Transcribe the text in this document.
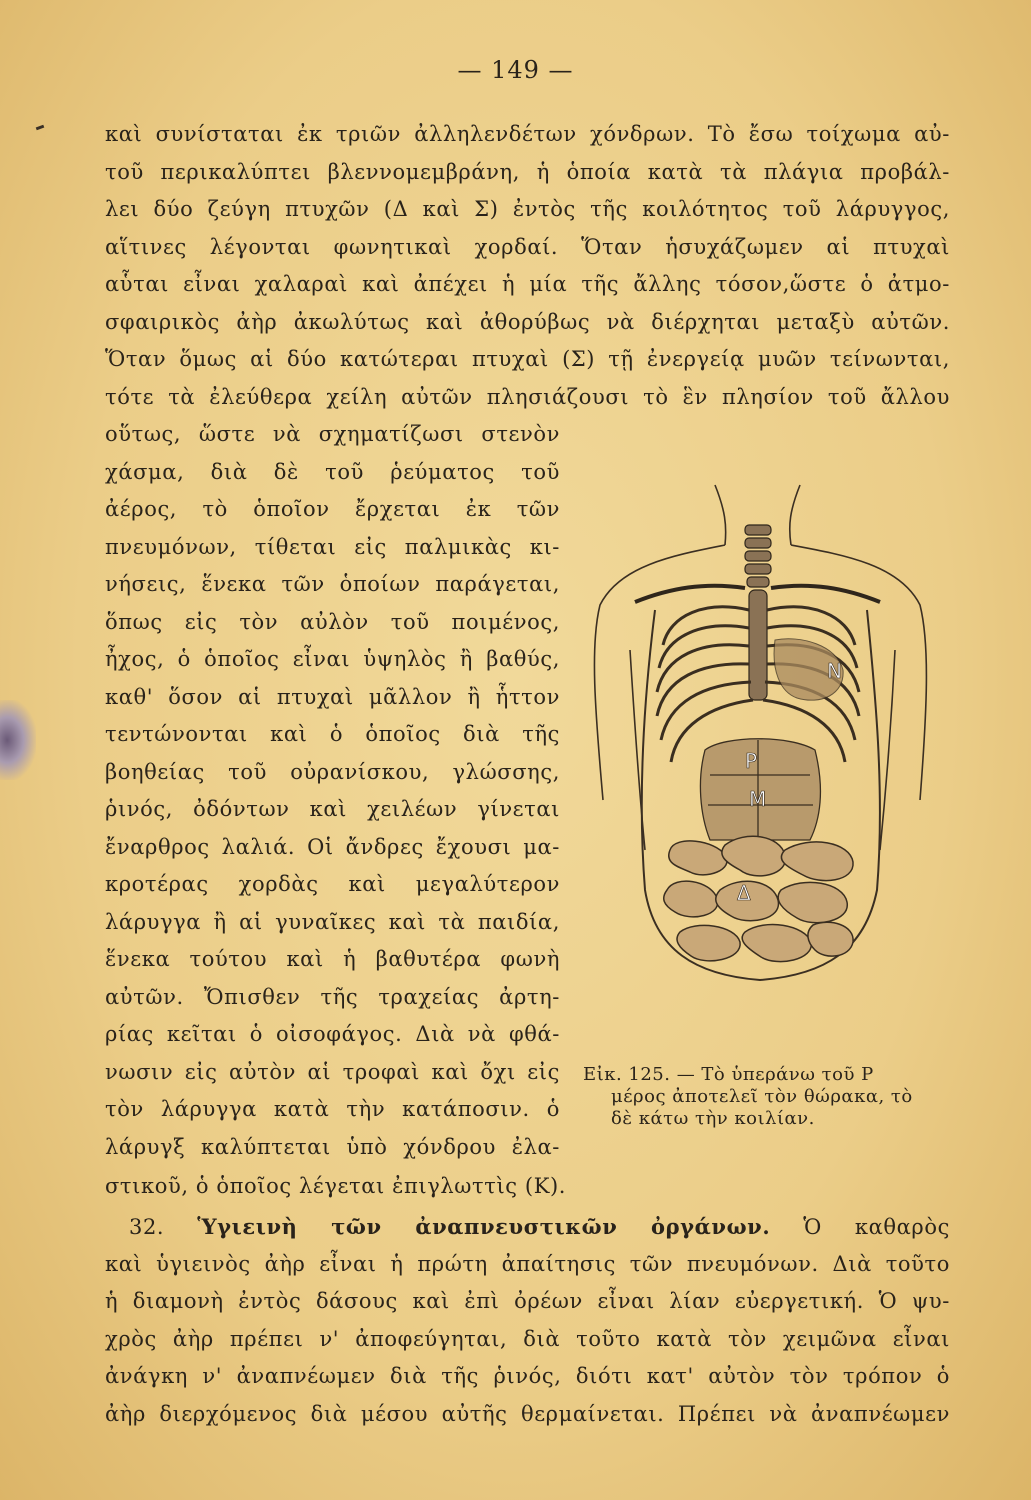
— 149 —
καὶ συνίσταται ἐκ τριῶν ἀλληλενδέτων χόνδρων. Τὸ ἔσω τοίχωμα αὐ-
τοῦ περικαλύπτει βλεννομεμβράνη, ἡ ὁποία κατὰ τὰ πλάγια προβάλ-
λει δύο ζεύγη πτυχῶν (Δ καὶ Σ) ἐντὸς τῆς κοιλότητος τοῦ λάρυγγος,
αἵτινες λέγονται φωνητικαὶ χορδαί. Ὅταν ἡσυχάζωμεν αἱ πτυχαὶ
αὗται εἶναι χαλαραὶ καὶ ἀπέχει ἡ μία τῆς ἄλλης τόσον,ὥστε ὁ ἀτμο-
σφαιρικὸς ἀὴρ ἀκωλύτως καὶ ἀθορύβως νὰ διέρχηται μεταξὺ αὐτῶν.
Ὅταν ὅμως αἱ δύο κατώτεραι πτυχαὶ (Σ) τῇ ἐνεργείᾳ μυῶν τείνωνται,
τότε τὰ ἐλεύθερα χείλη αὐτῶν πλησιάζουσι τὸ ἓν πλησίον τοῦ ἄλλου
οὕτως, ὥστε νὰ σχηματίζωσι στενὸν
χάσμα, διὰ δὲ τοῦ ῥεύματος τοῦ
ἀέρος, τὸ ὁποῖον ἔρχεται ἐκ τῶν
πνευμόνων, τίθεται εἰς παλμικὰς κι-
νήσεις, ἕνεκα τῶν ὁποίων παράγεται,
ὅπως εἰς τὸν αὐλὸν τοῦ ποιμένος,
ἦχος, ὁ ὁποῖος εἶναι ὑψηλὸς ἢ βαθύς,
καθ' ὅσον αἱ πτυχαὶ μᾶλλον ἢ ἧττον
τεντώνονται καὶ ὁ ὁποῖος διὰ τῆς
βοηθείας τοῦ οὐρανίσκου, γλώσσης,
ῥινός, ὀδόντων καὶ χειλέων γίνεται
ἔναρθρος λαλιά. Οἱ ἄνδρες ἔχουσι μα-
κροτέρας χορδὰς καὶ μεγαλύτερον
λάρυγγα ἢ αἱ γυναῖκες καὶ τὰ παιδία,
ἕνεκα τούτου καὶ ἡ βαθυτέρα φωνὴ
αὐτῶν. Ὄπισθεν τῆς τραχείας ἀρτη-
ρίας κεῖται ὁ οἰσοφάγος. Διὰ νὰ φθά-
νωσιν εἰς αὐτὸν αἱ τροφαὶ καὶ ὄχι εἰς
τὸν λάρυγγα κατὰ τὴν κατάποσιν. ὁ
λάρυγξ καλύπτεται ὑπὸ χόνδρου ἐλα-
στικοῦ, ὁ ὁποῖος λέγεται ἐπιγλωττὶς (Κ).
N
P
M
Δ
Εἰκ. 125. — Τὸ ὑπεράνω τοῦ P
μέρος ἀποτελεῖ τὸν θώρακα, τὸ
δὲ κάτω τὴν κοιλίαν.
32. Ὑγιεινὴ τῶν ἀναπνευστικῶν ὀργάνων. Ὁ καθαρὸς
καὶ ὑγιεινὸς ἀὴρ εἶναι ἡ πρώτη ἀπαίτησις τῶν πνευμόνων. Διὰ τοῦτο
ἡ διαμονὴ ἐντὸς δάσους καὶ ἐπὶ ὀρέων εἶναι λίαν εὐεργετική. Ὁ ψυ-
χρὸς ἀὴρ πρέπει ν' ἀποφεύγηται, διὰ τοῦτο κατὰ τὸν χειμῶνα εἶναι
ἀνάγκη ν' ἀναπνέωμεν διὰ τῆς ῥινός, διότι κατ' αὐτὸν τὸν τρόπον ὁ
ἀὴρ διερχόμενος διὰ μέσου αὐτῆς θερμαίνεται. Πρέπει νὰ ἀναπνέωμεν
